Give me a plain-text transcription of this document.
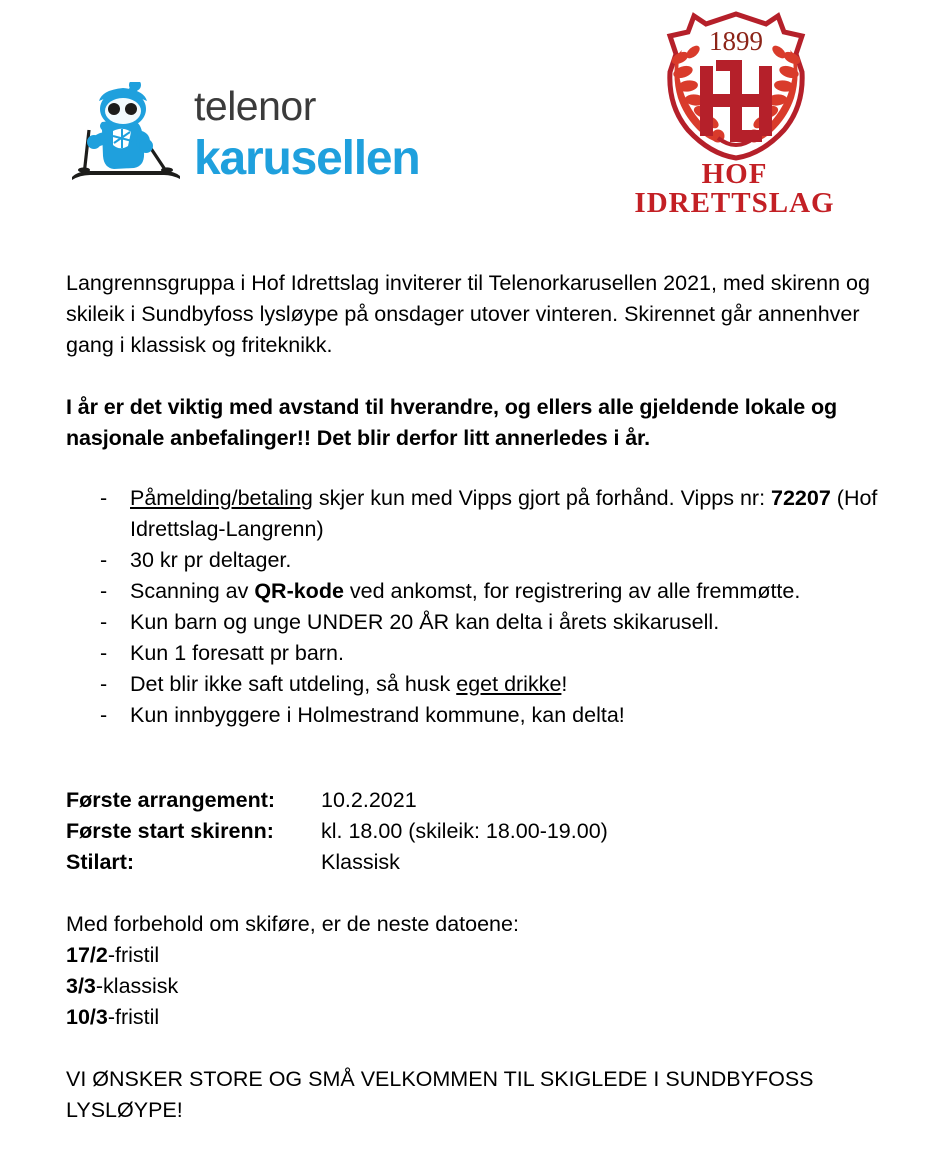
telenor
karusellen
1899
HOF IDRETTSLAG

Langrennsgruppa i Hof Idrettslag inviterer til Telenorkarusellen 2021, med skirenn og skileik i Sundbyfoss lysløype på onsdager utover vinteren. Skirennet går annenhver gang i klassisk og friteknikk.

I år er det viktig med avstand til hverandre, og ellers alle gjeldende lokale og nasjonale anbefalinger!! Det blir derfor litt annerledes i år.

-	Påmelding/betaling skjer kun med Vipps gjort på forhånd. Vipps nr: 72207 (Hof Idrettslag-Langrenn)
-	30 kr pr deltager.
-	Scanning av QR-kode ved ankomst, for registrering av alle fremmøtte.
-	Kun barn og unge UNDER 20 ÅR kan delta i årets skikarusell.
-	Kun 1 foresatt pr barn.
-	Det blir ikke saft utdeling, så husk eget drikke!
-	Kun innbyggere i Holmestrand kommune, kan delta!
Første arrangement:	10.2.2021
Første start skirenn:	kl. 18.00 (skileik: 18.00-19.00)
Stilart:	Klassisk

Med forbehold om skiføre, er de neste datoene:

17/2-fristil

3/3-klassisk

10/3-fristil

VI ØNSKER STORE OG SMÅ VELKOMMEN TIL SKIGLEDE I SUNDBYFOSS LYSLØYPE!
